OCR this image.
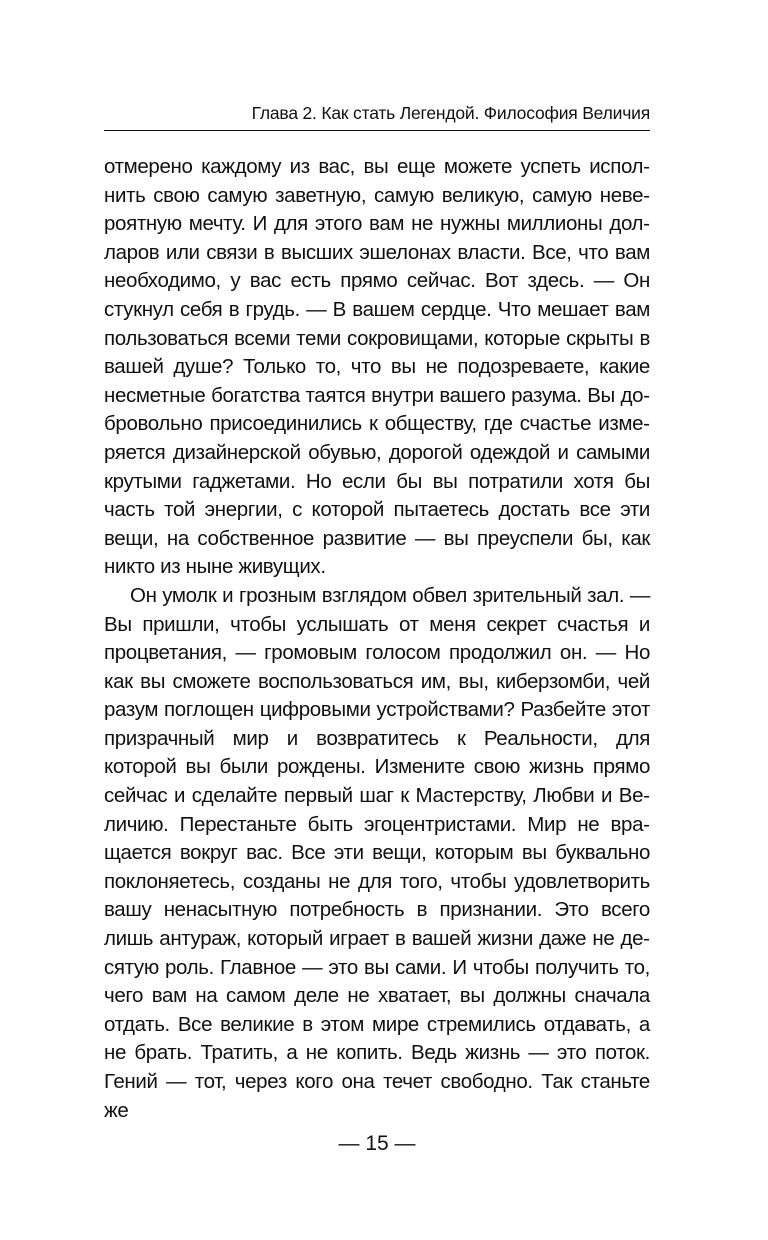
Глава 2. Как стать Легендой. Философия Величия

отмерено каждому из вас, вы еще можете успеть исполнить свою самую заветную, самую великую, самую невероятную мечту. И для этого вам не нужны миллионы долларов или связи в высших эшелонах власти. Все, что вам необходимо, у вас есть прямо сейчас. Вот здесь. — Он стукнул себя в грудь. — В вашем сердце. Что мешает вам пользоваться всеми теми сокровищами, которые скрыты в вашей душе? Только то, что вы не подозреваете, какие несметные богатства таятся внутри вашего разума. Вы добровольно присоединились к обществу, где счастье измеряется дизайнерской обувью, дорогой одеждой и самыми крутыми гаджетами. Но если бы вы потратили хотя бы часть той энергии, с которой пытаетесь достать все эти вещи, на собственное развитие — вы преуспели бы, как никто из ныне живущих.

Он умолк и грозным взглядом обвел зрительный зал. — Вы пришли, чтобы услышать от меня секрет счастья и процветания, — громовым голосом продолжил он. — Но как вы сможете воспользоваться им, вы, киберзомби, чей разум поглощен цифровыми устройствами? Разбейте этот призрачный мир и возвратитесь к Реальности, для которой вы были рождены. Измените свою жизнь прямо сейчас и сделайте первый шаг к Мастерству, Любви и Величию. Перестаньте быть эгоцентристами. Мир не вращается вокруг вас. Все эти вещи, которым вы буквально поклоняетесь, созданы не для того, чтобы удовлетворить вашу ненасытную потребность в признании. Это всего лишь антураж, который играет в вашей жизни даже не десятую роль. Главное — это вы сами. И чтобы получить то, чего вам на самом деле не хватает, вы должны сначала отдать. Все великие в этом мире стремились отдавать, а не брать. Тратить, а не копить. Ведь жизнь — это поток. Гений — тот, через кого она течет свободно. Так станьте же

— 15 —
